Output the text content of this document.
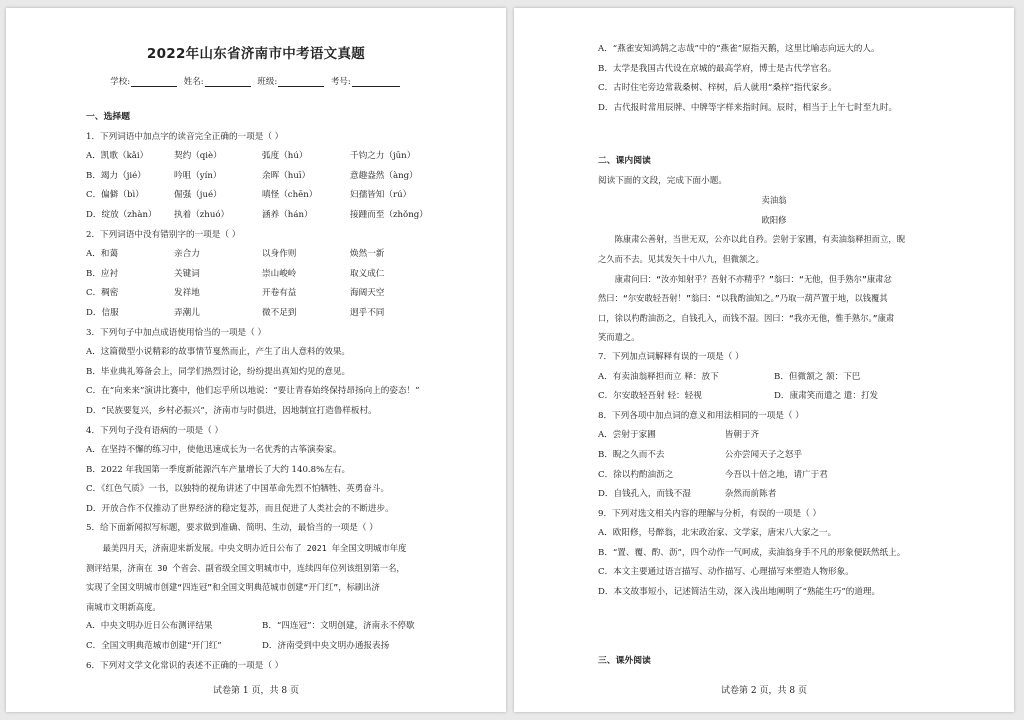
2022年山东省济南市中考语文真题
学校:	姓名:	班级:	考号:

一、选择题

1．下列词语中加点字的读音完全正确的一项是（ ）

A．凯歌（kǎi）	契约（qiè）	弧度（hú）	千钧之力（jūn）

B．竭力（jié）	吟咀（yín）	余晖（huī）	意趣盎然（àng）

C．偏僻（bì）	倔强（jué）	嗔怪（chēn）	妇孺皆知（rú）

D．绽放（zhàn）	执着（zhuó）	涵养（hán）	接踵而至（zhǒng）

2．下列词语中没有错别字的一项是（ ）

A．和蔼	亲合力	以身作则	焕然一新

B．应衬	关键词	崇山峻岭	取义成仁

C．稠密	发祥地	开卷有益	海阔天空

D．信服	弄潮儿	微不足到	迥乎不同

3．下列句子中加点成语使用恰当的一项是（ ）

A．这篇微型小说精彩的故事情节戛然而止，产生了出人意料的效果。

B．毕业典礼筹备会上，同学们热烈讨论，纷纷提出真知灼见的意见。

C．在“向来来”演讲比赛中，他们忘乎所以地说：“要让青春始终保持昂扬向上的姿态！”

D．“民族要复兴，乡村必振兴”，济南市与时俱进，因地制宜打造鲁样板村。

4．下列句子没有语病的一项是（ ）

A．在坚持不懈的练习中，使他迅速成长为一名优秀的古筝演奏家。

B．2022 年我国第一季度新能源汽车产量增长了大约 140.8%左右。

C．《红色气质》一书，以独特的视角讲述了中国革命先烈不怕牺牲、英勇奋斗。

D．开放合作不仅推动了世界经济的稳定复苏，而且促进了人类社会的不断进步。

5．给下面新闻拟写标题，要求做到准确、简明、生动，最恰当的一项是（ ）

最美四月天，济南迎来新发展。中央文明办近日公布了 2021 年全国文明城市年度

测评结果，济南在 30 个省会、副省级全国文明城市中，连续四年位列该组别第一名，

实现了全国文明城市创建“四连冠”和全国文明典范城市创建“开门红”，标刷出济

南城市文明新高度。

A．中央文明办近日公布测评结果	B．“四连冠”：文明创建，济南永不停歇

C．全国文明典范城市创建“开门红”	D．济南受到中央文明办通报表扬

6．下列对文学文化常识的表述不正确的一项是（ ）

试卷第 1 页，共 8 页

A．“燕雀安知鸿鹄之志哉”中的“燕雀”原指天鹅，这里比喻志向远大的人。

B．太学是我国古代设在京城的最高学府，博士是古代学官名。

C．古时住宅旁边常栽桑树、梓树，后人就用“桑梓”指代家乡。

D．古代报时常用辰牌、中牌等字样来指时间。辰时，相当于上午七时至九时。

二、课内阅读

阅读下面的文段，完成下面小题。

卖油翁

欧阳修

陈康肃公善射，当世无双，公亦以此自矜。尝射于家圃，有卖油翁释担而立，睨

之久而不去。见其发矢十中八九，但微颔之。

康肃问曰：“汝亦知射乎？吾射不亦精乎？”翁曰：“无他，但手熟尔”康肃忿

然曰：“尔安敢轻吾射！”翁曰：“以我酌油知之。”乃取一葫芦置于地，以钱覆其

口，徐以杓酌油沥之，自钱孔入，而钱不湿。因曰：“我亦无他，惟手熟尔。”康肃

笑而遣之。

7．下列加点词解释有误的一项是（ ）

A．有卖油翁释担而立 释：放下	B．但微颔之 颔：下巴

C．尔安敢轻吾射 轻：轻视	D．康肃笑而遣之 遣：打发

8．下列各项中加点词的意义和用法相同的一项是（ ）

A．尝射于家圃	皆朝于齐

B．睨之久而不去	公亦尝闻天子之怒乎

C．徐以杓酌油沥之	今吾以十倍之地，请广于君

D．自钱孔入，而钱不湿	杂然而前陈者

9．下列对选文相关内容的理解与分析，有误的一项是（ ）

A．欧阳修，号醉翁，北宋政治家、文学家，唐宋八大家之一。

B．“置、覆、酌、沥”，四个动作一气呵成，卖油翁身手不凡的形象便跃然纸上。

C．本文主要通过语言描写、动作描写、心理描写来塑造人物形象。

D．本文故事短小，记述简洁生动，深入浅出地阐明了“熟能生巧”的道理。

三、课外阅读

试卷第 2 页，共 8 页
